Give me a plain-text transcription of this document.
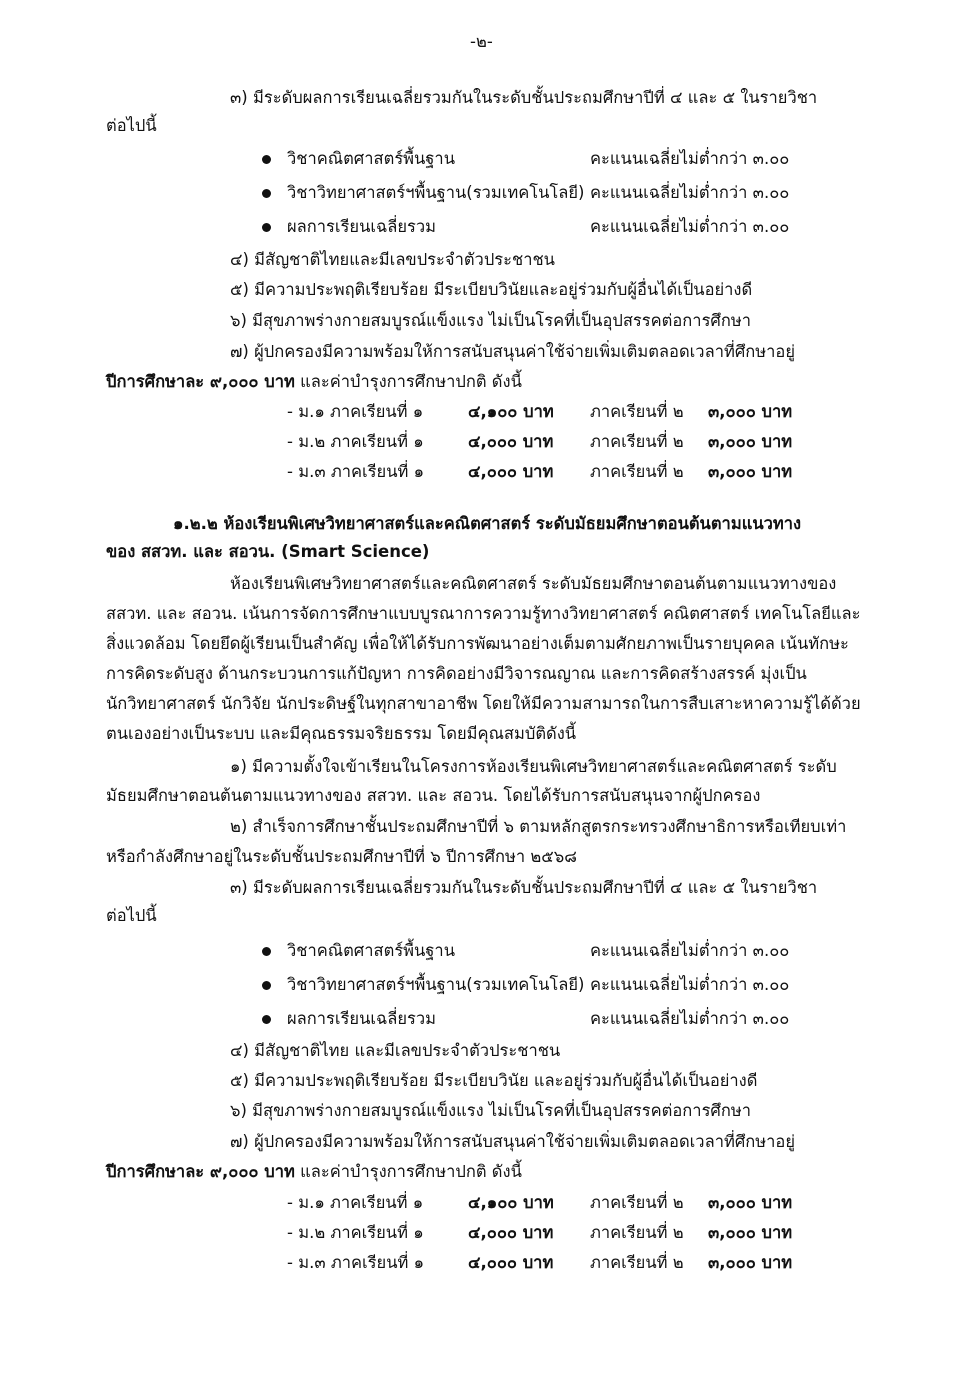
-๒-
๓) มีระดับผลการเรียนเฉลี่ยรวมกันในระดับชั้นประถมศึกษาปีที่ ๔ และ ๕ ในรายวิชา
ต่อไปนี้
วิชาคณิตศาสตร์พื้นฐาน	คะแนนเฉลี่ยไม่ต่ำกว่า ๓.๐๐
วิชาวิทยาศาสตร์ฯพื้นฐาน(รวมเทคโนโลยี) คะแนนเฉลี่ยไม่ต่ำกว่า ๓.๐๐
ผลการเรียนเฉลี่ยรวม	คะแนนเฉลี่ยไม่ต่ำกว่า ๓.๐๐
๔) มีสัญชาติไทยและมีเลขประจำตัวประชาชน
๕) มีความประพฤติเรียบร้อย มีระเบียบวินัยและอยู่ร่วมกับผู้อื่นได้เป็นอย่างดี
๖) มีสุขภาพร่างกายสมบูรณ์แข็งแรง ไม่เป็นโรคที่เป็นอุปสรรคต่อการศึกษา
๗) ผู้ปกครองมีความพร้อมให้การสนับสนุนค่าใช้จ่ายเพิ่มเติมตลอดเวลาที่ศึกษาอยู่
ปีการศึกษาละ ๙,๐๐๐ บาท และค่าบำรุงการศึกษาปกติ ดังนี้
- ม.๑ ภาคเรียนที่ ๑	๔,๑๐๐ บาท ภาคเรียนที่ ๒ ๓,๐๐๐ บาท
- ม.๒ ภาคเรียนที่ ๑	๔,๐๐๐ บาท ภาคเรียนที่ ๒ ๓,๐๐๐ บาท
- ม.๓ ภาคเรียนที่ ๑	๔,๐๐๐ บาท ภาคเรียนที่ ๒ ๓,๐๐๐ บาท
๑.๒.๒ ห้องเรียนพิเศษวิทยาศาสตร์และคณิตศาสตร์ ระดับมัธยมศึกษาตอนต้นตามแนวทาง
ของ สสวท. และ สอวน. (Smart Science)
ห้องเรียนพิเศษวิทยาศาสตร์และคณิตศาสตร์ ระดับมัธยมศึกษาตอนต้นตามแนวทางของ
สสวท. และ สอวน. เน้นการจัดการศึกษาแบบบูรณาการความรู้ทางวิทยาศาสตร์ คณิตศาสตร์ เทคโนโลยีและ
สิ่งแวดล้อม โดยยึดผู้เรียนเป็นสำคัญ เพื่อให้ได้รับการพัฒนาอย่างเต็มตามศักยภาพเป็นรายบุคคล เน้นทักษะ
การคิดระดับสูง ด้านกระบวนการแก้ปัญหา การคิดอย่างมีวิจารณญาณ และการคิดสร้างสรรค์ มุ่งเป็น
นักวิทยาศาสตร์ นักวิจัย นักประดิษฐ์ในทุกสาขาอาชีพ โดยให้มีความสามารถในการสืบเสาะหาความรู้ได้ด้วย
ตนเองอย่างเป็นระบบ และมีคุณธรรมจริยธรรม โดยมีคุณสมบัติดังนี้
๑) มีความตั้งใจเข้าเรียนในโครงการห้องเรียนพิเศษวิทยาศาสตร์และคณิตศาสตร์ ระดับ
มัธยมศึกษาตอนต้นตามแนวทางของ สสวท. และ สอวน. โดยได้รับการสนับสนุนจากผู้ปกครอง
๒) สำเร็จการศึกษาชั้นประถมศึกษาปีที่ ๖ ตามหลักสูตรกระทรวงศึกษาธิการหรือเทียบเท่า
หรือกำลังศึกษาอยู่ในระดับชั้นประถมศึกษาปีที่ ๖ ปีการศึกษา ๒๕๖๘
๓) มีระดับผลการเรียนเฉลี่ยรวมกันในระดับชั้นประถมศึกษาปีที่ ๔ และ ๕ ในรายวิชา
ต่อไปนี้
วิชาคณิตศาสตร์พื้นฐาน	คะแนนเฉลี่ยไม่ต่ำกว่า ๓.๐๐
วิชาวิทยาศาสตร์ฯพื้นฐาน(รวมเทคโนโลยี) คะแนนเฉลี่ยไม่ต่ำกว่า ๓.๐๐
ผลการเรียนเฉลี่ยรวม	คะแนนเฉลี่ยไม่ต่ำกว่า ๓.๐๐
๔) มีสัญชาติไทย และมีเลขประจำตัวประชาชน
๕) มีความประพฤติเรียบร้อย มีระเบียบวินัย และอยู่ร่วมกับผู้อื่นได้เป็นอย่างดี
๖) มีสุขภาพร่างกายสมบูรณ์แข็งแรง ไม่เป็นโรคที่เป็นอุปสรรคต่อการศึกษา
๗) ผู้ปกครองมีความพร้อมให้การสนับสนุนค่าใช้จ่ายเพิ่มเติมตลอดเวลาที่ศึกษาอยู่
ปีการศึกษาละ ๙,๐๐๐ บาท และค่าบำรุงการศึกษาปกติ ดังนี้
- ม.๑ ภาคเรียนที่ ๑	๔,๑๐๐ บาท ภาคเรียนที่ ๒ ๓,๐๐๐ บาท
- ม.๒ ภาคเรียนที่ ๑	๔,๐๐๐ บาท ภาคเรียนที่ ๒ ๓,๐๐๐ บาท
- ม.๓ ภาคเรียนที่ ๑	๔,๐๐๐ บาท ภาคเรียนที่ ๒ ๓,๐๐๐ บาท
